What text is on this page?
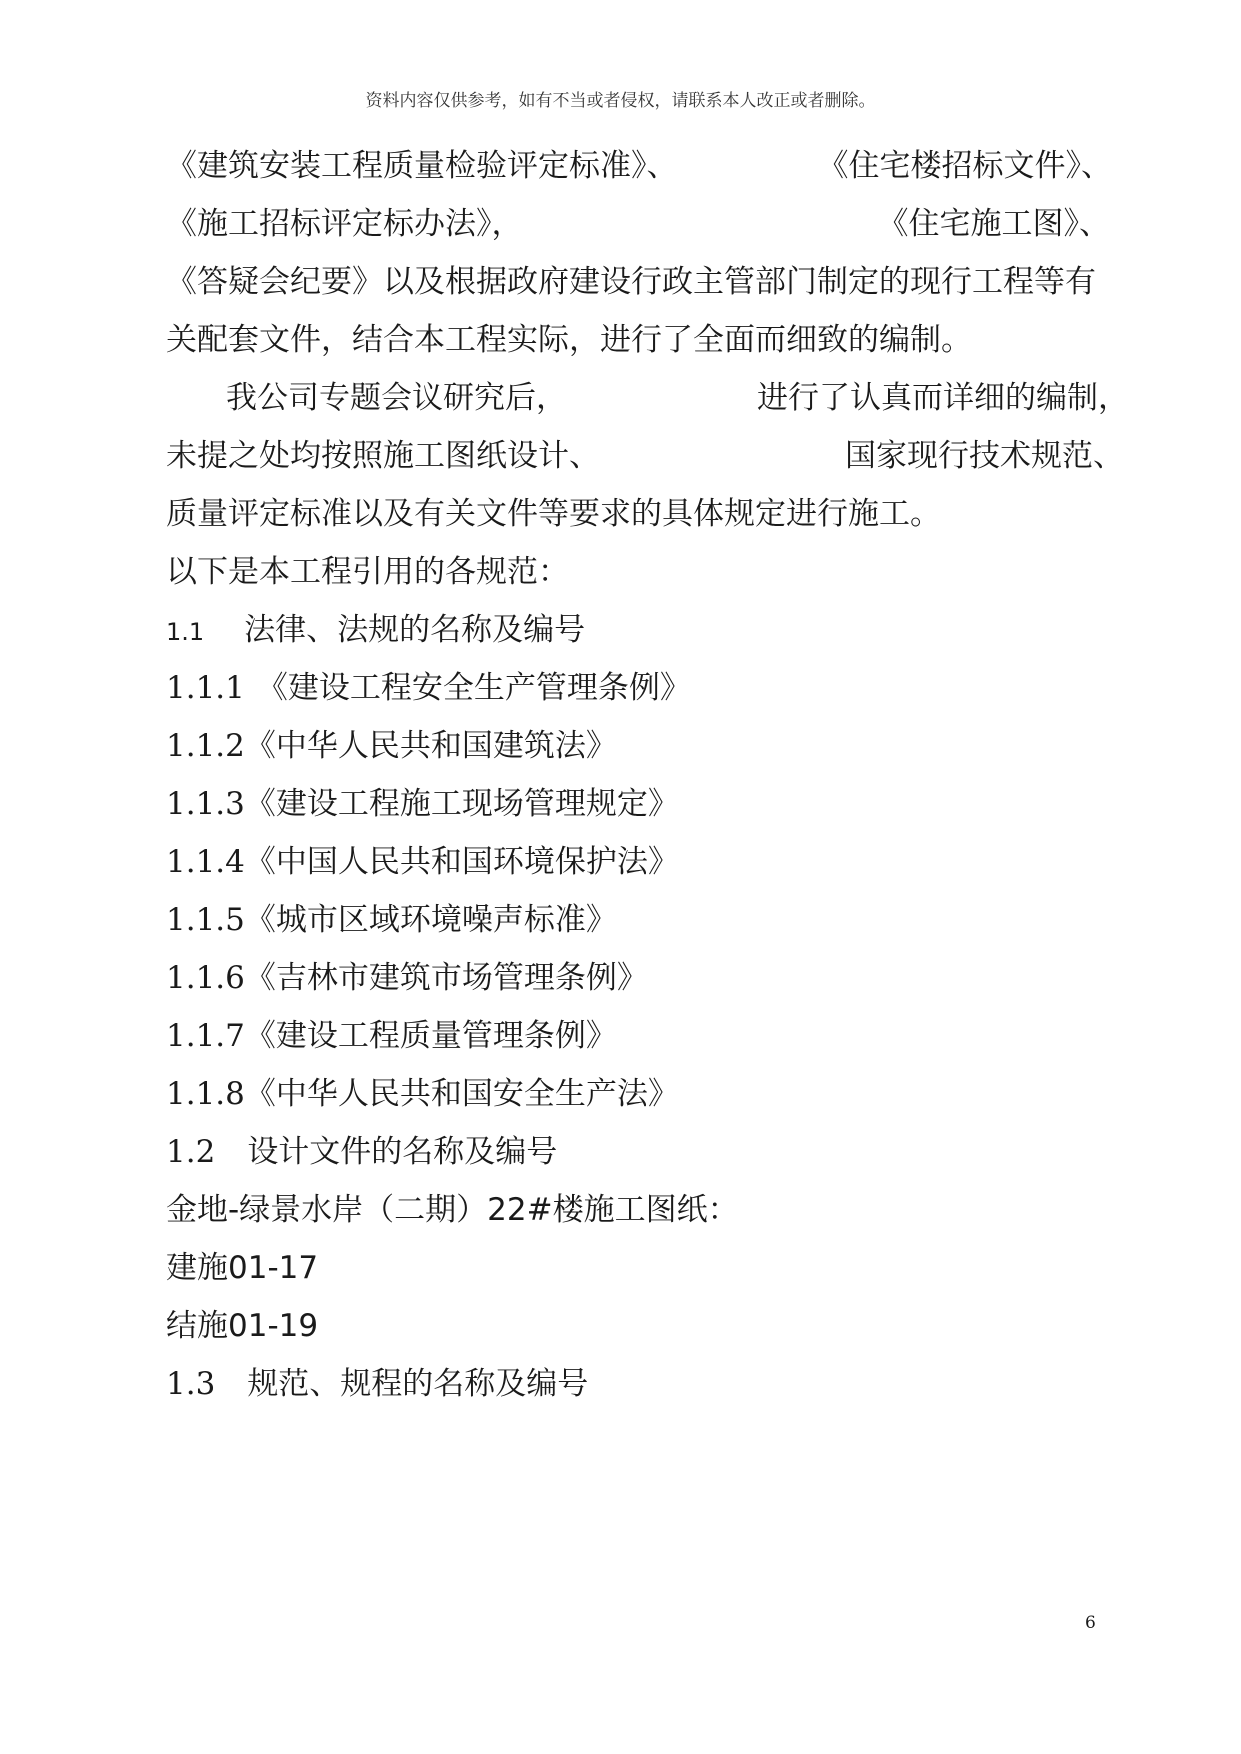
资料内容仅供参考，如有不当或者侵权，请联系本人改正或者删除。
《建筑安装工程质量检验评定标准》、	《住宅楼招标文件》、
《施工招标评定标办法》，	《住宅施工图》、
《答疑会纪要》以及根据政府建设行政主管部门制定的现行工程等有
关配套文件，结合本工程实际，进行了全面而细致的编制。
我公司专题会议研究后，	进行了认真而详细的编制，
未提之处均按照施工图纸设计、	国家现行技术规范、
质量评定标准以及有关文件等要求的具体规定进行施工。
以下是本工程引用的各规范：
1.1 法律、法规的名称及编号
1.1.1 《建设工程安全生产管理条例》
1.1.2《中华人民共和国建筑法》
1.1.3《建设工程施工现场管理规定》
1.1.4《中国人民共和国环境保护法》
1.1.5《城市区域环境噪声标准》
1.1.6《吉林市建筑市场管理条例》
1.1.7《建设工程质量管理条例》
1.1.8《中华人民共和国安全生产法》
1.2 设计文件的名称及编号
金地-绿景水岸（二期）22#楼施工图纸：
建施01-17
结施01-19
1.3 规范、规程的名称及编号
6
